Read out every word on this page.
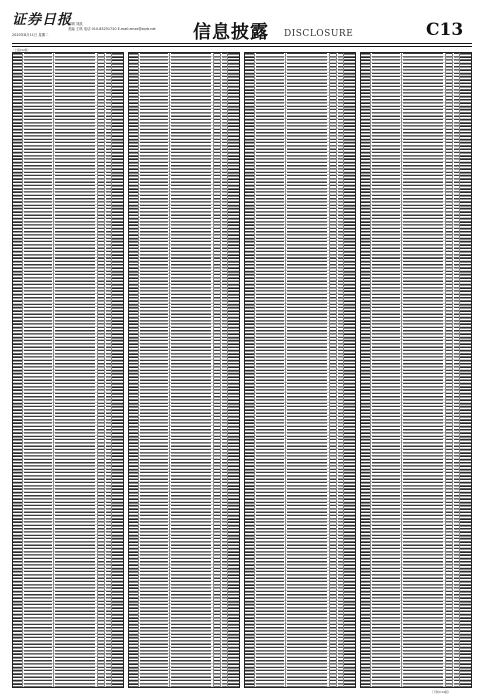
证券日报
2020年8月11日 星期二
编辑 刘凯
美编 王琪 电话 010-83251720 E-mail:zmzx@zqrb.net 信息披露 DISCLOSURE	C13
（上接C12版）
（下转C14版）
